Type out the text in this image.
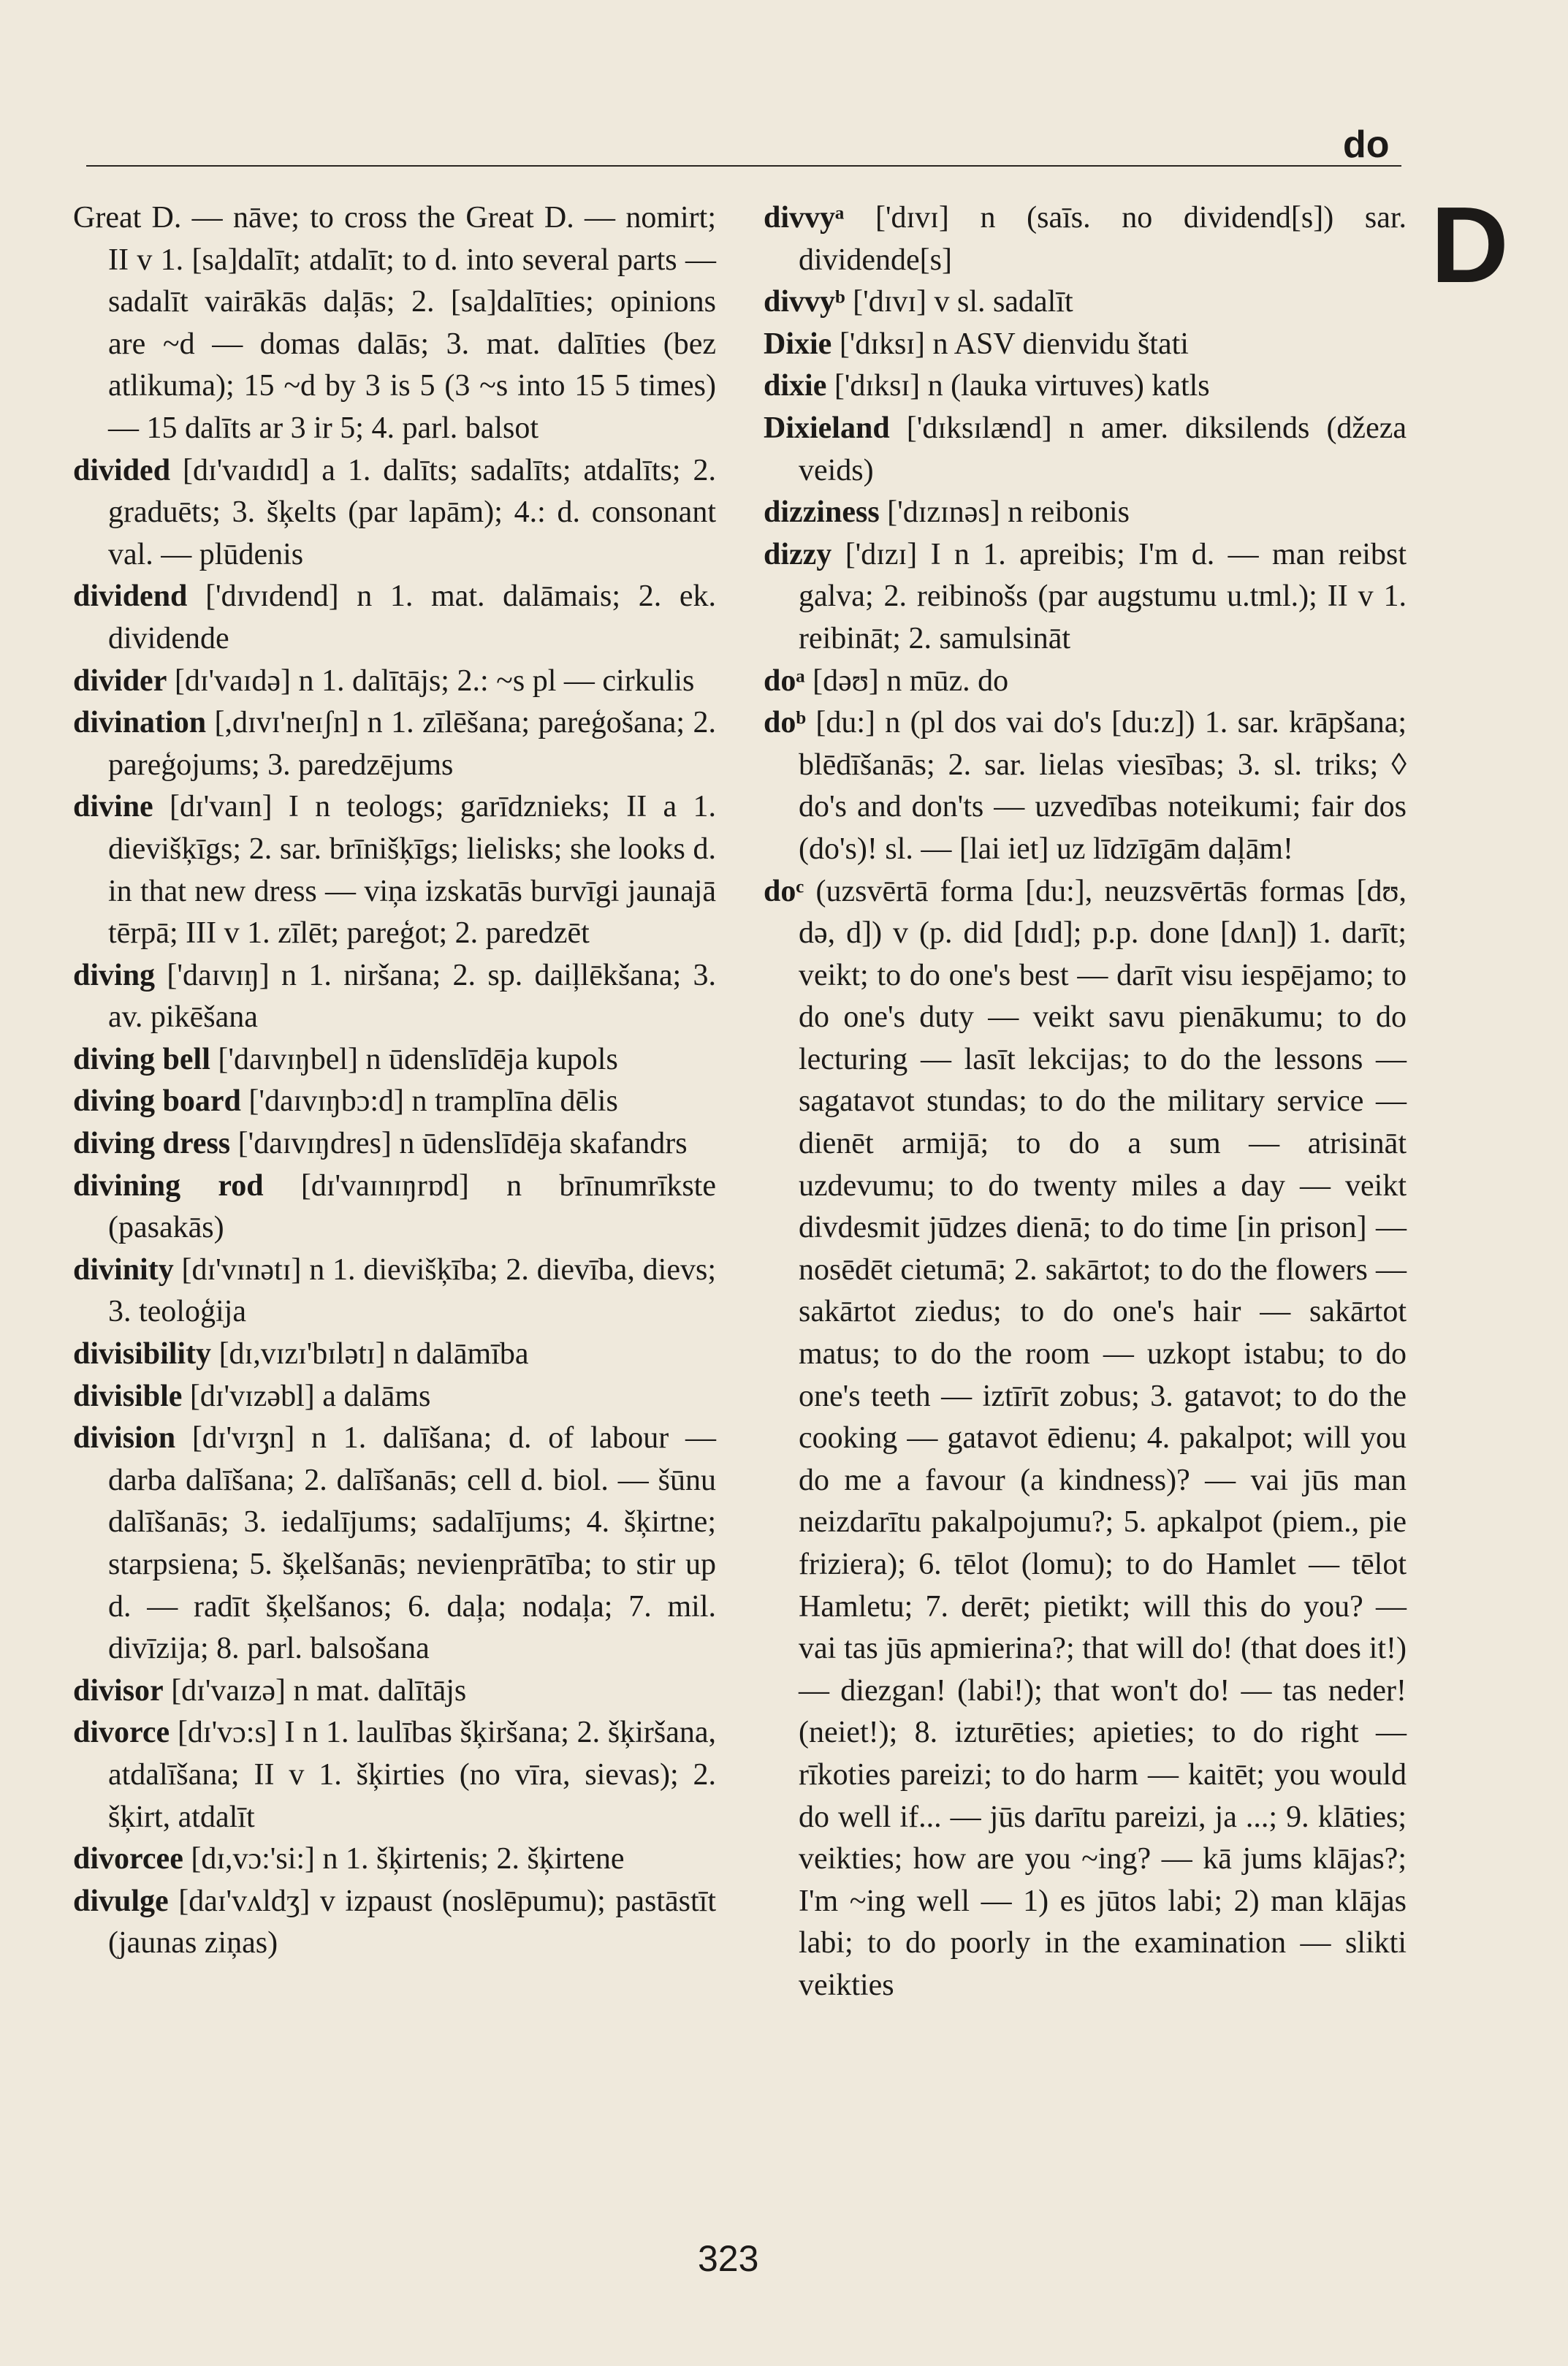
do
D
Great D. — nāve; to cross the Great D. — nomirt; II v 1. [sa]dalīt; atdalīt; to d. into several parts — sadalīt vairākās daļās; 2. [sa]dalīties; opinions are ~d — domas dalās; 3. mat. dalīties (bez atlikuma); 15 ~d by 3 is 5 (3 ~s into 15 5 times) — 15 dalīts ar 3 ir 5; 4. parl. balsot
divided [dɪ'vaɪdɪd] a 1. dalīts; sadalīts; atdalīts; 2. graduēts; 3. šķelts (par lapām); 4.: d. consonant val. — plūdenis
dividend ['dɪvɪdend] n 1. mat. dalāmais; 2. ek. dividende
divider [dɪ'vaɪdə] n 1. dalītājs; 2.: ~s pl — cirkulis
divination [,dɪvɪ'neɪʃn] n 1. zīlēšana; pareģošana; 2. pareģojums; 3. paredzējums
divine [dɪ'vaɪn] I n teologs; garīdznieks; II a 1. dievišķīgs; 2. sar. brīnišķīgs; lielisks; she looks d. in that new dress — viņa izskatās burvīgi jaunajā tērpā; III v 1. zīlēt; pareģot; 2. paredzēt
diving ['daɪvɪŋ] n 1. niršana; 2. sp. daiļlēkšana; 3. av. pikēšana
diving bell ['daɪvɪŋbel] n ūdenslīdēja kupols
diving board ['daɪvɪŋbɔ:d] n tramplīna dēlis
diving dress ['daɪvɪŋdres] n ūdenslīdēja skafandrs
divining rod [dɪ'vaɪnɪŋrɒd] n brīnumrīkste (pasakās)
divinity [dɪ'vɪnətɪ] n 1. dievišķība; 2. dievība, dievs; 3. teoloģija
divisibility [dɪ,vɪzɪ'bɪlətɪ] n dalāmība
divisible [dɪ'vɪzəbl] a dalāms
division [dɪ'vɪʒn] n 1. dalīšana; d. of labour — darba dalīšana; 2. dalīšanās; cell d. biol. — šūnu dalīšanās; 3. iedalījums; sadalījums; 4. šķirtne; starpsiena; 5. šķelšanās; nevienprātība; to stir up d. — radīt šķelšanos; 6. daļa; nodaļa; 7. mil. divīzija; 8. parl. balsošana
divisor [dɪ'vaɪzə] n mat. dalītājs
divorce [dɪ'vɔ:s] I n 1. laulības šķiršana; 2. šķiršana, atdalīšana; II v 1. šķirties (no vīra, sievas); 2. šķirt, atdalīt
divorcee [dɪ,vɔ:'si:] n 1. šķirtenis; 2. šķirtene
divulge [daɪ'vʌldʒ] v izpaust (noslēpumu); pastāstīt (jaunas ziņas)
divvyᵃ ['dɪvɪ] n (saīs. no dividend[s]) sar. dividende[s]
divvyᵇ ['dɪvɪ] v sl. sadalīt
Dixie ['dɪksɪ] n ASV dienvidu štati
dixie ['dɪksɪ] n (lauka virtuves) katls
Dixieland ['dɪksɪlænd] n amer. diksilends (džeza veids)
dizziness ['dɪzɪnəs] n reibonis
dizzy ['dɪzɪ] I n 1. apreibis; I'm d. — man reibst galva; 2. reibinošs (par augstumu u.tml.); II v 1. reibināt; 2. samulsināt
doᵃ [dəʊ] n mūz. do
doᵇ [du:] n (pl dos vai do's [du:z]) 1. sar. krāpšana; blēdīšanās; 2. sar. lielas viesības; 3. sl. triks; ◊ do's and don'ts — uzvedības noteikumi; fair dos (do's)! sl. — [lai iet] uz līdzīgām daļām!
doᶜ (uzsvērtā forma [du:], neuzsvērtās formas [dʊ, də, d]) v (p. did [dɪd]; p.p. done [dʌn]) 1. darīt; veikt; to do one's best — darīt visu iespējamo; to do one's duty — veikt savu pienākumu; to do lecturing — lasīt lekcijas; to do the lessons — sagatavot stundas; to do the military service — dienēt armijā; to do a sum — atrisināt uzdevumu; to do twenty miles a day — veikt divdesmit jūdzes dienā; to do time [in prison] — nosēdēt cietumā; 2. sakārtot; to do the flowers — sakārtot ziedus; to do one's hair — sakārtot matus; to do the room — uzkopt istabu; to do one's teeth — iztīrīt zobus; 3. gatavot; to do the cooking — gatavot ēdienu; 4. pakalpot; will you do me a favour (a kindness)? — vai jūs man neizdarītu pakalpojumu?; 5. apkalpot (piem., pie friziera); 6. tēlot (lomu); to do Hamlet — tēlot Hamletu; 7. derēt; pietikt; will this do you? — vai tas jūs apmierina?; that will do! (that does it!) — diezgan! (labi!); that won't do! — tas neder! (neiet!); 8. izturēties; apieties; to do right — rīkoties pareizi; to do harm — kaitēt; you would do well if... — jūs darītu pareizi, ja ...; 9. klāties; veikties; how are you ~ing? — kā jums klājas?; I'm ~ing well — 1) es jūtos labi; 2) man klājas labi; to do poorly in the examination — slikti veikties
323
